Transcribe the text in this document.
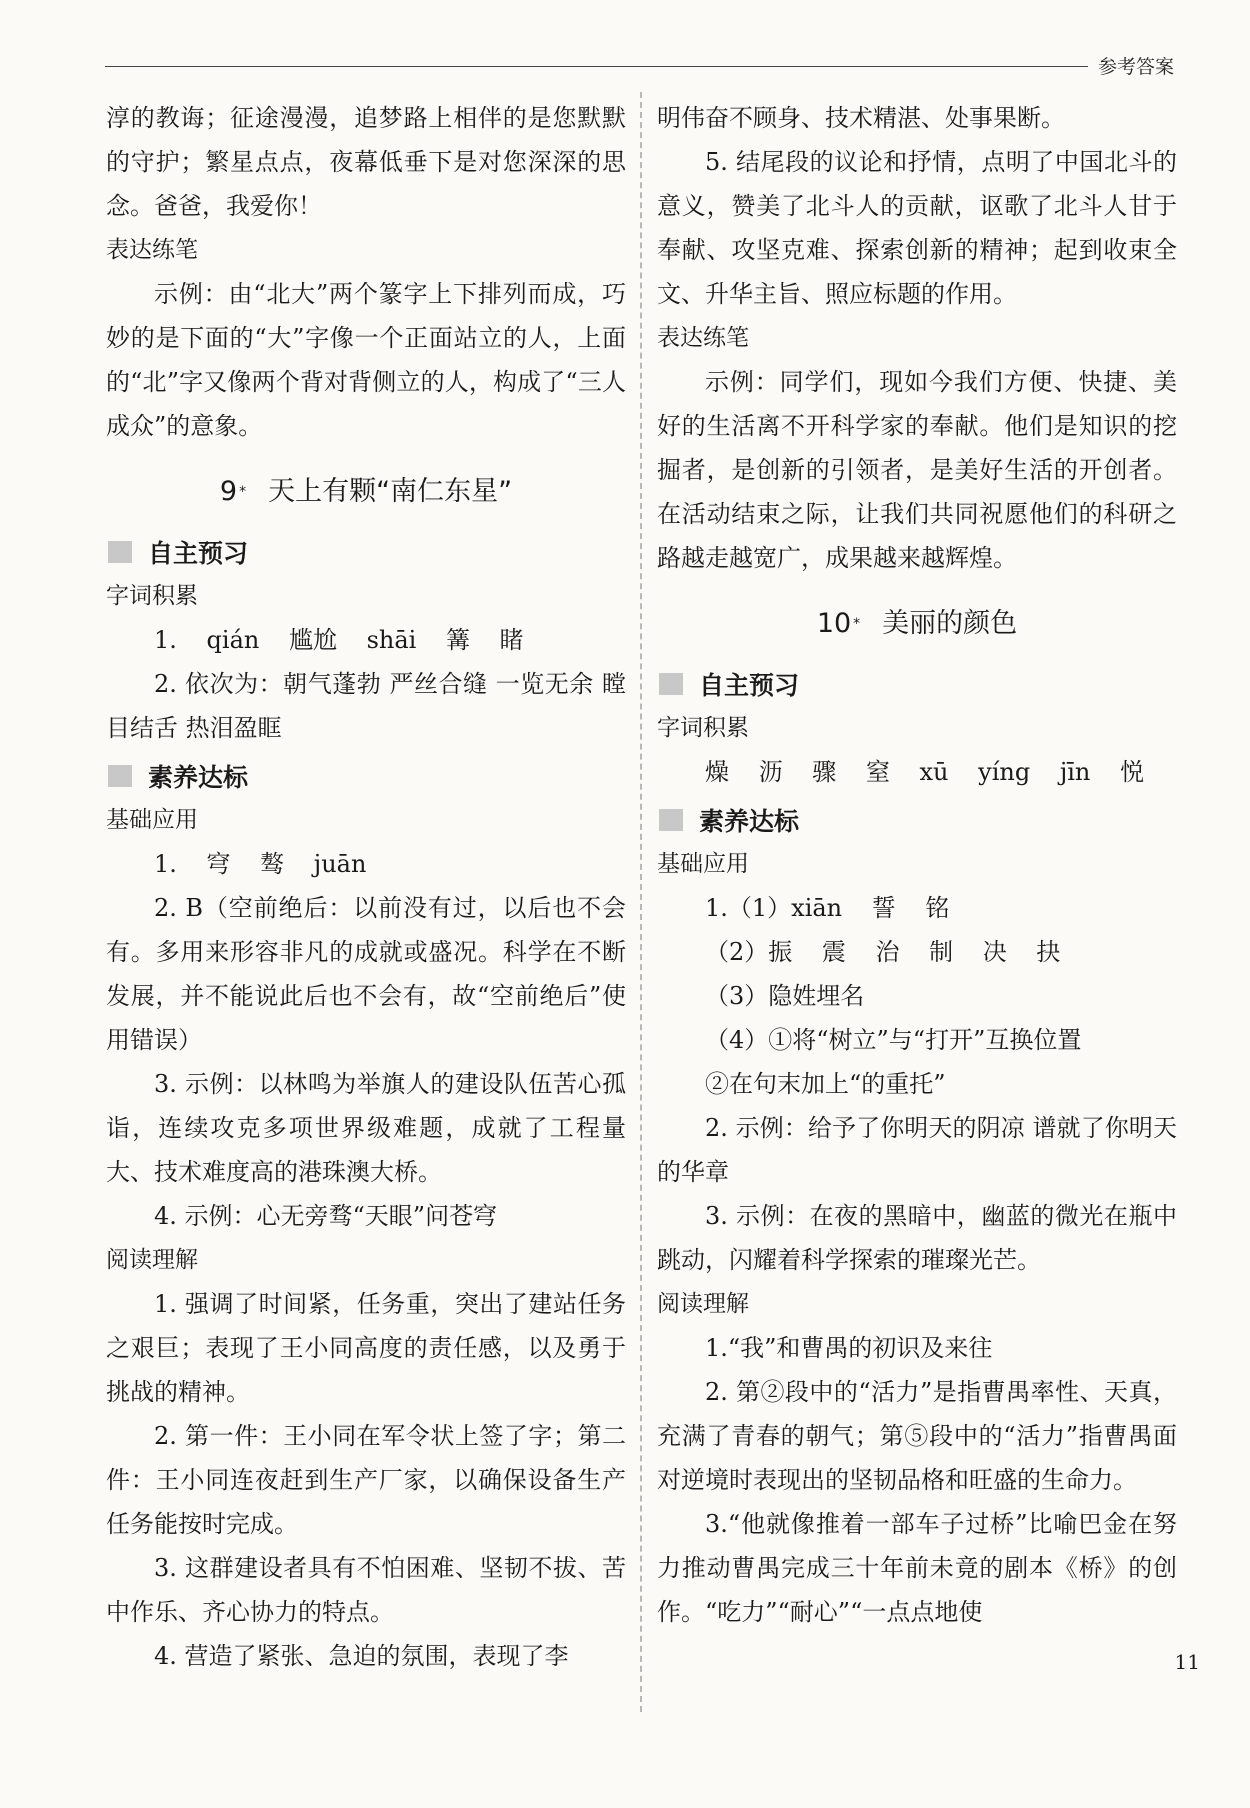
参考答案

淳的教诲；征途漫漫，追梦路上相伴的是您默默的守护；繁星点点，夜幕低垂下是对您深深的思念。爸爸，我爱你！

表达练笔

示例：由“北大”两个篆字上下排列而成，巧妙的是下面的“大”字像一个正面站立的人，上面的“北”字又像两个背对背侧立的人，构成了“三人成众”的意象。

9 * 天上有颗“南仁东星”
自主预习

字词积累

1. qián 尴尬 shāi 篝 睹

2. 依次为：朝气蓬勃 严丝合缝 一览无余 瞠目结舌 热泪盈眶

素养达标

基础应用

1. 穹 骜 juān

2. B（空前绝后：以前没有过，以后也不会有。多用来形容非凡的成就或盛况。科学在不断发展，并不能说此后也不会有，故“空前绝后”使用错误）

3. 示例：以林鸣为举旗人的建设队伍苦心孤诣，连续攻克多项世界级难题，成就了工程量大、技术难度高的港珠澳大桥。

4. 示例：心无旁骛“天眼”问苍穹

阅读理解

1. 强调了时间紧，任务重，突出了建站任务之艰巨；表现了王小同高度的责任感，以及勇于挑战的精神。

2. 第一件：王小同在军令状上签了字；第二件：王小同连夜赶到生产厂家，以确保设备生产任务能按时完成。

3. 这群建设者具有不怕困难、坚韧不拔、苦中作乐、齐心协力的特点。

4. 营造了紧张、急迫的氛围，表现了李

明伟奋不顾身、技术精湛、处事果断。

5. 结尾段的议论和抒情，点明了中国北斗的意义，赞美了北斗人的贡献，讴歌了北斗人甘于奉献、攻坚克难、探索创新的精神；起到收束全文、升华主旨、照应标题的作用。

表达练笔

示例：同学们，现如今我们方便、快捷、美好的生活离不开科学家的奉献。他们是知识的挖掘者，是创新的引领者，是美好生活的开创者。在活动结束之际，让我们共同祝愿他们的科研之路越走越宽广，成果越来越辉煌。

10 * 美丽的颜色
自主预习

字词积累

燥 沥 骤 窒 xū yíng jīn 悦

素养达标

基础应用

1.（1）xiān 誓 铭

（2）振 震 治 制 决 抉

（3）隐姓埋名

（4）①将“树立”与“打开”互换位置

②在句末加上“的重托”

2. 示例：给予了你明天的阴凉 谱就了你明天的华章

3. 示例：在夜的黑暗中，幽蓝的微光在瓶中跳动，闪耀着科学探索的璀璨光芒。

阅读理解

1.“我”和曹禺的初识及来往

2. 第②段中的“活力”是指曹禺率性、天真，充满了青春的朝气；第⑤段中的“活力”指曹禺面对逆境时表现出的坚韧品格和旺盛的生命力。

3.“他就像推着一部车子过桥”比喻巴金在努力推动曹禺完成三十年前未竟的剧本《桥》的创作。“吃力”“耐心”“一点点地使

11
